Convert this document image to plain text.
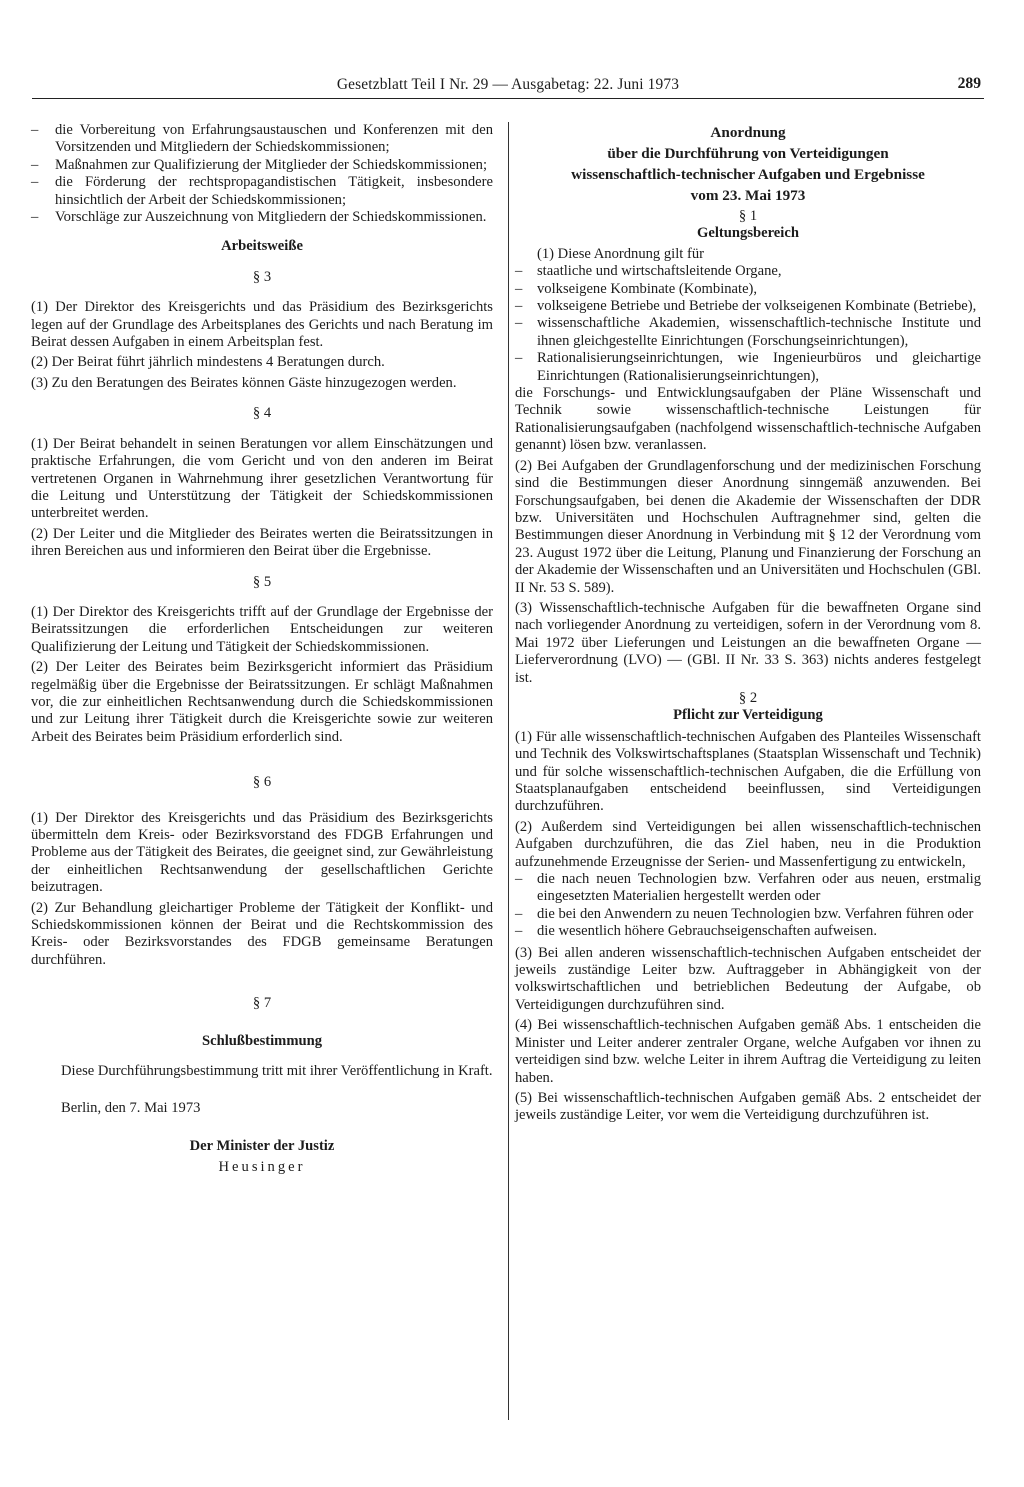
Gesetzblatt Teil I Nr. 29 — Ausgabetag: 22. Juni 1973	289
– die Vorbereitung von Erfahrungsaustauschen und Konferenzen mit den Vorsitzenden und Mitgliedern der Schiedskommissionen;
– Maßnahmen zur Qualifizierung der Mitglieder der Schiedskommissionen;
– die Förderung der rechtspropagandistischen Tätigkeit, insbesondere hinsichtlich der Arbeit der Schiedskommissionen;
– Vorschläge zur Auszeichnung von Mitgliedern der Schiedskommissionen.
Arbeitsweiße
§ 3

(1) Der Direktor des Kreisgerichts und das Präsidium des Bezirksgerichts legen auf der Grundlage des Arbeitsplanes des Gerichts und nach Beratung im Beirat dessen Aufgaben in einem Arbeitsplan fest.

(2) Der Beirat führt jährlich mindestens 4 Beratungen durch.

(3) Zu den Beratungen des Beirates können Gäste hinzugezogen werden.

§ 4

(1) Der Beirat behandelt in seinen Beratungen vor allem Einschätzungen und praktische Erfahrungen, die vom Gericht und von den anderen im Beirat vertretenen Organen in Wahrnehmung ihrer gesetzlichen Verantwortung für die Leitung und Unterstützung der Tätigkeit der Schiedskommissionen unterbreitet werden.

(2) Der Leiter und die Mitglieder des Beirates werten die Beiratssitzungen in ihren Bereichen aus und informieren den Beirat über die Ergebnisse.

§ 5

(1) Der Direktor des Kreisgerichts trifft auf der Grundlage der Ergebnisse der Beiratssitzungen die erforderlichen Entscheidungen zur weiteren Qualifizierung der Leitung und Tätigkeit der Schiedskommissionen.

(2) Der Leiter des Beirates beim Bezirksgericht informiert das Präsidium regelmäßig über die Ergebnisse der Beiratssitzungen. Er schlägt Maßnahmen vor, die zur einheitlichen Rechtsanwendung durch die Schiedskommissionen und zur Leitung ihrer Tätigkeit durch die Kreisgerichte sowie zur weiteren Arbeit des Beirates beim Präsidium erforderlich sind.

§ 6

(1) Der Direktor des Kreisgerichts und das Präsidium des Bezirksgerichts übermitteln dem Kreis- oder Bezirksvorstand des FDGB Erfahrungen und Probleme aus der Tätigkeit des Beirates, die geeignet sind, zur Gewährleistung der einheitlichen Rechtsanwendung der gesellschaftlichen Gerichte beizutragen.

(2) Zur Behandlung gleichartiger Probleme der Tätigkeit der Konflikt- und Schiedskommissionen können der Beirat und die Rechtskommission des Kreis- oder Bezirksvorstandes des FDGB gemeinsame Beratungen durchführen.

§ 7
Schlußbestimmung

Diese Durchführungsbestimmung tritt mit ihrer Veröffentlichung in Kraft.

Berlin, den 7. Mai 1973
Der Minister der Justiz
Heusinger
Anordnung
über die Durchführung von Verteidigungen
wissenschaftlich-technischer Aufgaben und Ergebnisse
vom 23. Mai 1973
§ 1
Geltungsbereich

(1) Diese Anordnung gilt für

– staatliche und wirtschaftsleitende Organe,
– volkseigene Kombinate (Kombinate),
– volkseigene Betriebe und Betriebe der volkseigenen Kombinate (Betriebe),
– wissenschaftliche Akademien, wissenschaftlich-technische Institute und ihnen gleichgestellte Einrichtungen (Forschungseinrichtungen),
– Rationalisierungseinrichtungen, wie Ingenieurbüros und gleichartige Einrichtungen (Rationalisierungseinrichtungen),

die Forschungs- und Entwicklungsaufgaben der Pläne Wissenschaft und Technik sowie wissenschaftlich-technische Leistungen für Rationalisierungsaufgaben (nachfolgend wissenschaftlich-technische Aufgaben genannt) lösen bzw. veranlassen.

(2) Bei Aufgaben der Grundlagenforschung und der medizinischen Forschung sind die Bestimmungen dieser Anordnung sinngemäß anzuwenden. Bei Forschungsaufgaben, bei denen die Akademie der Wissenschaften der DDR bzw. Universitäten und Hochschulen Auftragnehmer sind, gelten die Bestimmungen dieser Anordnung in Verbindung mit § 12 der Verordnung vom 23. August 1972 über die Leitung, Planung und Finanzierung der Forschung an der Akademie der Wissenschaften und an Universitäten und Hochschulen (GBl. II Nr. 53 S. 589).

(3) Wissenschaftlich-technische Aufgaben für die bewaffneten Organe sind nach vorliegender Anordnung zu verteidigen, sofern in der Verordnung vom 8. Mai 1972 über Lieferungen und Leistungen an die bewaffneten Organe — Lieferverordnung (LVO) — (GBl. II Nr. 33 S. 363) nichts anderes festgelegt ist.

§ 2
Pflicht zur Verteidigung

(1) Für alle wissenschaftlich-technischen Aufgaben des Planteiles Wissenschaft und Technik des Volkswirtschaftsplanes (Staatsplan Wissenschaft und Technik) und für solche wissenschaftlich-technischen Aufgaben, die die Erfüllung von Staatsplanaufgaben entscheidend beeinflussen, sind Verteidigungen durchzuführen.

(2) Außerdem sind Verteidigungen bei allen wissenschaftlich-technischen Aufgaben durchzuführen, die das Ziel haben, neu in die Produktion aufzunehmende Erzeugnisse der Serien- und Massenfertigung zu entwickeln,

– die nach neuen Technologien bzw. Verfahren oder aus neuen, erstmalig eingesetzten Materialien hergestellt werden oder
– die bei den Anwendern zu neuen Technologien bzw. Verfahren führen oder
– die wesentlich höhere Gebrauchseigenschaften aufweisen.

(3) Bei allen anderen wissenschaftlich-technischen Aufgaben entscheidet der jeweils zuständige Leiter bzw. Auftraggeber in Abhängigkeit von der volkswirtschaftlichen und betrieblichen Bedeutung der Aufgabe, ob Verteidigungen durchzuführen sind.

(4) Bei wissenschaftlich-technischen Aufgaben gemäß Abs. 1 entscheiden die Minister und Leiter anderer zentraler Organe, welche Aufgaben vor ihnen zu verteidigen sind bzw. welche Leiter in ihrem Auftrag die Verteidigung zu leiten haben.

(5) Bei wissenschaftlich-technischen Aufgaben gemäß Abs. 2 entscheidet der jeweils zuständige Leiter, vor wem die Verteidigung durchzuführen ist.
